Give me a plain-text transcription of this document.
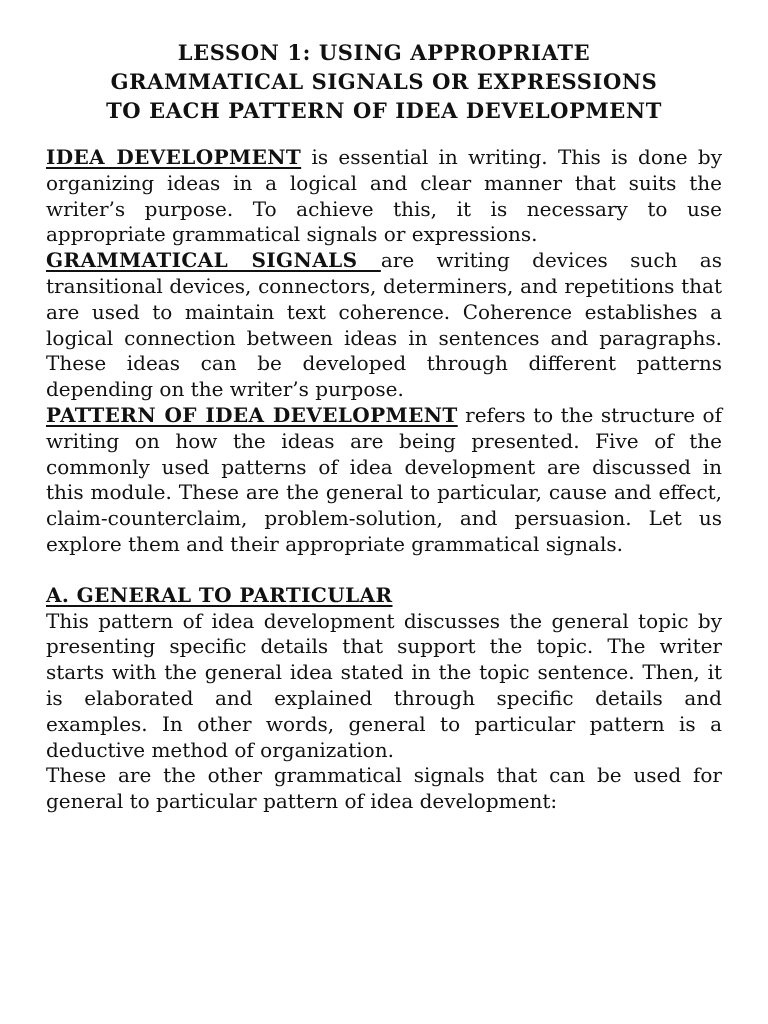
LESSON 1: USING APPROPRIATE
GRAMMATICAL SIGNALS OR EXPRESSIONS
TO EACH PATTERN OF IDEA DEVELOPMENT

IDEA DEVELOPMENT is essential in writing. This is done by organizing ideas in a logical and clear manner that suits the writer’s purpose. To achieve this, it is necessary to use appropriate grammatical signals or expressions.

GRAMMATICAL SIGNALS are writing devices such as transitional devices, connectors, determiners, and repetitions that are used to maintain text coherence. Coherence establishes a logical connection between ideas in sentences and paragraphs. These ideas can be developed through different patterns depending on the writer’s purpose.

PATTERN OF IDEA DEVELOPMENT refers to the structure of writing on how the ideas are being presented. Five of the commonly used patterns of idea development are discussed in this module. These are the general to particular, cause and effect, claim-counterclaim, problem-solution, and persuasion. Let us explore them and their appropriate grammatical signals.

A. GENERAL TO PARTICULAR

This pattern of idea development discusses the general topic by presenting specific details that support the topic. The writer starts with the general idea stated in the topic sentence. Then, it is elaborated and explained through specific details and examples. In other words, general to particular pattern is a deductive method of organization.

These are the other grammatical signals that can be used for general to particular pattern of idea development:
